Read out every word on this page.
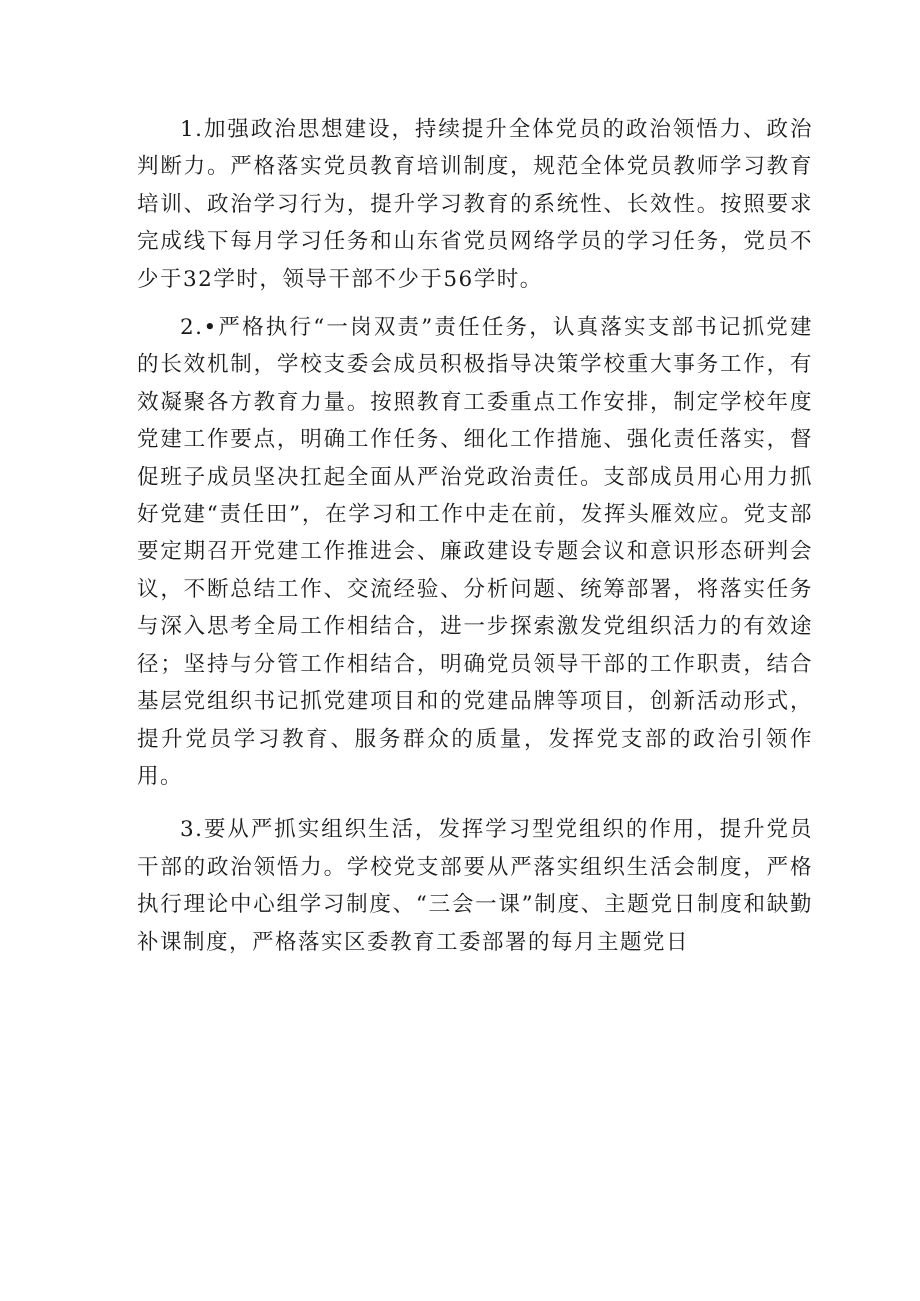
1.加强政治思想建设，持续提升全体党员的政治领悟力、政治判断力。严格落实党员教育培训制度，规范全体党员教师学习教育培训、政治学习行为，提升学习教育的系统性、长效性。按照要求完成线下每月学习任务和山东省党员网络学员的学习任务，党员不少于32学时，领导干部不少于56学时。

2.•严格执行“一岗双责”责任任务，认真落实支部书记抓党建的长效机制，学校支委会成员积极指导决策学校重大事务工作，有效凝聚各方教育力量。按照教育工委重点工作安排，制定学校年度党建工作要点，明确工作任务、细化工作措施、强化责任落实，督促班子成员坚决扛起全面从严治党政治责任。支部成员用心用力抓好党建“责任田”，在学习和工作中走在前，发挥头雁效应。党支部要定期召开党建工作推进会、廉政建设专题会议和意识形态研判会议，不断总结工作、交流经验、分析问题、统筹部署，将落实任务与深入思考全局工作相结合，进一步探索激发党组织活力的有效途径；坚持与分管工作相结合，明确党员领导干部的工作职责，结合基层党组织书记抓党建项目和的党建品牌等项目，创新活动形式，提升党员学习教育、服务群众的质量，发挥党支部的政治引领作用。

3.要从严抓实组织生活，发挥学习型党组织的作用，提升党员干部的政治领悟力。学校党支部要从严落实组织生活会制度，严格执行理论中心组学习制度、“三会一课”制度、主题党日制度和缺勤补课制度，严格落实区委教育工委部署的每月主题党日
